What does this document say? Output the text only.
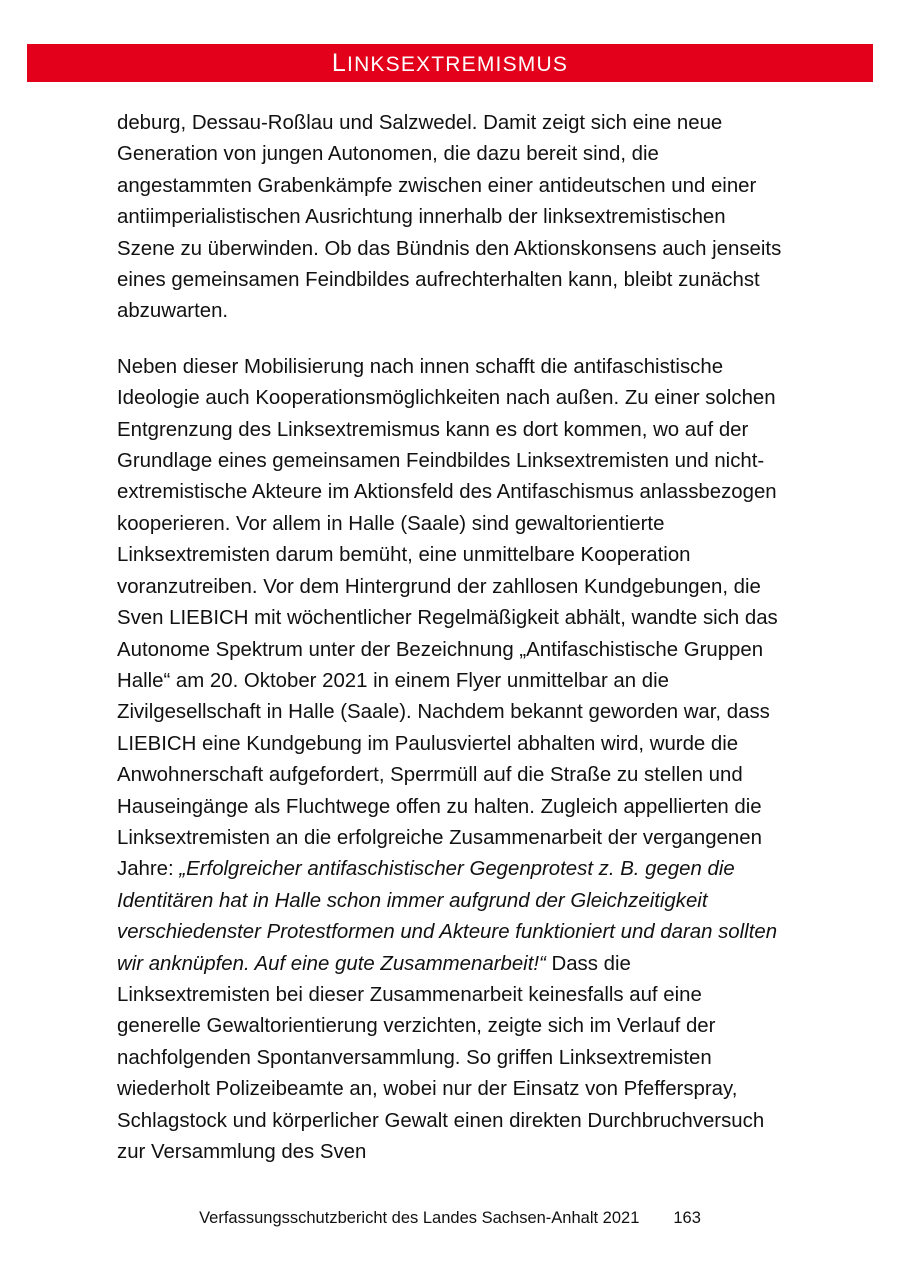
LINKSEXTREMISMUS

deburg, Dessau-Roßlau und Salzwedel. Damit zeigt sich eine neue Generation von jungen Autonomen, die dazu bereit sind, die angestammten Grabenkämpfe zwischen einer antideutschen und einer antiimperialistischen Ausrichtung innerhalb der linksextremistischen Szene zu überwinden. Ob das Bündnis den Aktionskonsens auch jenseits eines gemeinsamen Feindbildes aufrechterhalten kann, bleibt zunächst abzuwarten.

Neben dieser Mobilisierung nach innen schafft die antifaschistische Ideologie auch Kooperationsmöglichkeiten nach außen. Zu einer solchen Entgrenzung des Linksextremismus kann es dort kommen, wo auf der Grundlage eines gemeinsamen Feindbildes Linksextremisten und nicht-extremistische Akteure im Aktionsfeld des Antifaschismus anlassbezogen kooperieren. Vor allem in Halle (Saale) sind gewaltorientierte Linksextremisten darum bemüht, eine unmittelbare Kooperation voranzutreiben. Vor dem Hintergrund der zahllosen Kundgebungen, die Sven LIEBICH mit wöchentlicher Regelmäßigkeit abhält, wandte sich das Autonome Spektrum unter der Bezeichnung „Antifaschistische Gruppen Halle“ am 20. Oktober 2021 in einem Flyer unmittelbar an die Zivilgesellschaft in Halle (Saale). Nachdem bekannt geworden war, dass LIEBICH eine Kundgebung im Paulusviertel abhalten wird, wurde die Anwohnerschaft aufgefordert, Sperrmüll auf die Straße zu stellen und Hauseingänge als Fluchtwege offen zu halten. Zugleich appellierten die Linksextremisten an die erfolgreiche Zusammenarbeit der vergangenen Jahre: „Erfolgreicher antifaschistischer Gegenprotest z. B. gegen die Identitären hat in Halle schon immer aufgrund der Gleichzeitigkeit verschiedenster Protestformen und Akteure funktioniert und daran sollten wir anknüpfen. Auf eine gute Zusammenarbeit!“ Dass die Linksextremisten bei dieser Zusammenarbeit keinesfalls auf eine generelle Gewaltorientierung verzichten, zeigte sich im Verlauf der nachfolgenden Spontanversammlung. So griffen Linksextremisten wiederholt Polizeibeamte an, wobei nur der Einsatz von Pfefferspray, Schlagstock und körperlicher Gewalt einen direkten Durchbruchversuch zur Versammlung des Sven

Verfassungsschutzbericht des Landes Sachsen-Anhalt 2021 163
